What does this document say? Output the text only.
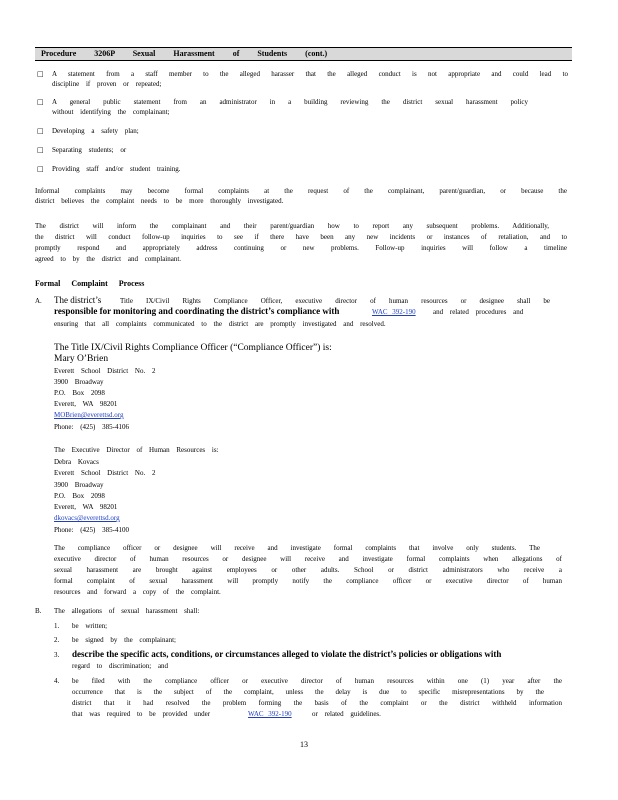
Procedure 3206P Sexual Harassment of Students (cont.)
□ A statement from a staff member to the alleged harasser that the alleged conduct is not appropriate and could lead to
discipline if proven or repeated;
□ A general public statement from an administrator in a building reviewing the district sexual harassment policy
without identifying the complainant;
□ Developing a safety plan;
□ Separating students; or
□ Providing staff and/or student training.
Informal complaints may become formal complaints at the request of the complainant, parent/guardian, or because the
district believes the complaint needs to be more thoroughly investigated.
The district will inform the complainant and their parent/guardian how to report any subsequent problems. Additionally,
the district will conduct follow-up inquiries to see if there have been any new incidents or instances of retaliation, and to
promptly respond and appropriately address continuing or new problems. Follow-up inquiries will follow a timeline
agreed to by the district and complainant.
Formal Complaint Process
A. The district’s	Title IX/Civil Rights Compliance Officer, executive director of human resources or designee shall be
responsible for monitoring and coordinating the district’s compliance with	WAC 392-190 and related procedures and
ensuring that all complaints communicated to the district are promptly investigated and resolved.
The Title IX/Civil Rights Compliance Officer (“Compliance Officer”) is:
Mary O’Brien
Everett School District No. 2
3900 Broadway
P.O. Box 2098
Everett, WA 98201
MOBrien@everettsd.org
Phone: (425) 385-4106
The Executive Director of Human Resources is:
Debra Kovacs
Everett School District No. 2
3900 Broadway
P.O. Box 2098
Everett, WA 98201
dkovacs@everettsd.org
Phone: (425) 385-4100
The compliance officer or designee will receive and investigate formal complaints that involve only students. The
executive director of human resources or designee will receive and investigate formal complaints when allegations of
sexual harassment are brought against employees or other adults. School or district administrators who receive a
formal complaint of sexual harassment will promptly notify the compliance officer or executive director of human
resources and forward a copy of the complaint.
B. The allegations of sexual harassment shall:
1. be written;
2. be signed by the complainant;
3. describe the specific acts, conditions, or circumstances alleged to violate the district’s policies or obligations with
regard to discrimination; and
4. be filed with the compliance officer or executive director of human resources within one (1) year after the
occurrence that is the subject of the complaint, unless the delay is due to specific misrepresentations by the
district that it had resolved the problem forming the basis of the complaint or the district withheld information
that was required to be provided under	WAC 392-190	or related guidelines.
13
